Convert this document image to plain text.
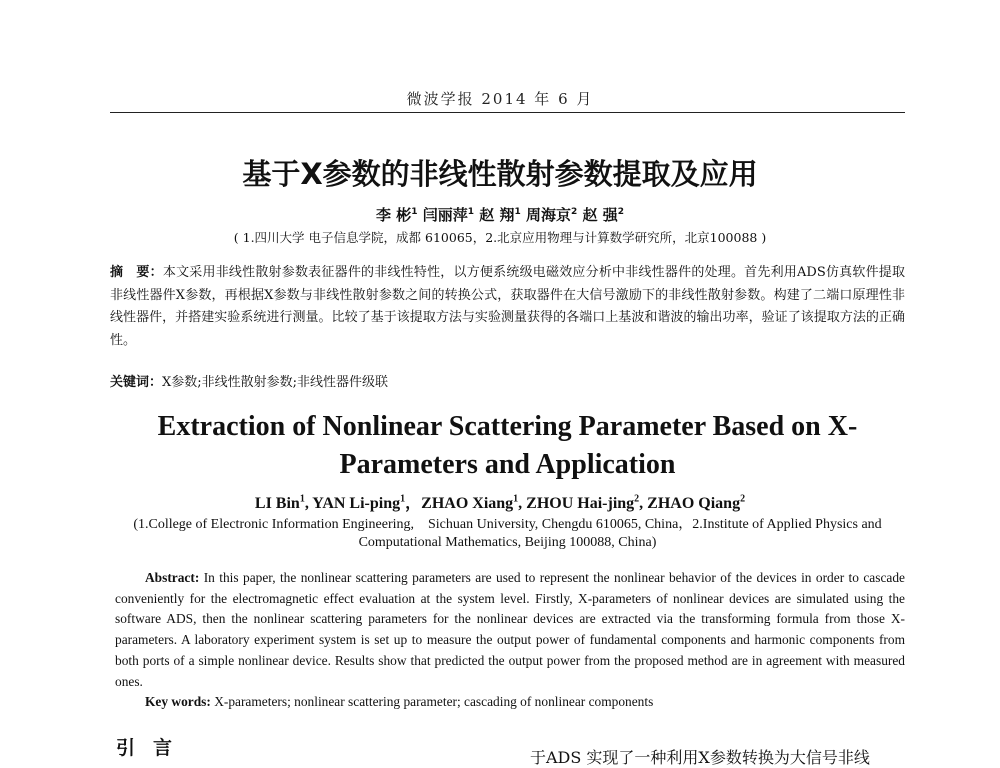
微波学报 2014 年 6 月
基于X参数的非线性散射参数提取及应用
李 彬$^1$ 闫丽萍$^1$ 赵 翔$^1$ 周海京$^2$ 赵 强$^2$
( 1.四川大学 电子信息学院，成都 610065，2.北京应用物理与计算数学研究所，北京100088 )
摘　要：本文采用非线性散射参数表征器件的非线性特性，以方便系统级电磁效应分析中非线性器件的处理。首先利用ADS仿真软件提取非线性器件X参数，再根据X参数与非线性散射参数之间的转换公式，获取器件在大信号激励下的非线性散射参数。构建了二端口原理性非线性器件，并搭建实验系统进行测量。比较了基于该提取方法与实验测量获得的各端口上基波和谐波的输出功率，验证了该提取方法的正确性。
关键词：X参数;非线性散射参数;非线性器件级联
Extraction of Nonlinear Scattering Parameter Based on X-Parameters and Application
LI Bin$^1$, YAN Li-ping$^1$，ZHAO Xiang$^1$, ZHOU Hai-jing$^2$, ZHAO Qiang$^2$
(1.College of Electronic Information Engineering,　Sichuan University, Chengdu 610065, China，2.Institute of Applied Physics and Computational Mathematics, Beijing 100088, China)
Abstract: In this paper, the nonlinear scattering parameters are used to represent the nonlinear behavior of the devices in order to cascade conveniently for the electromagnetic effect evaluation at the system level. Firstly, X-parameters of nonlinear devices are simulated using the software ADS, then the nonlinear scattering parameters for the nonlinear devices are extracted via the transforming formula from those X-parameters. A laboratory experiment system is set up to measure the output power of fundamental components and harmonic components from both ports of a simple nonlinear device. Results show that predicted the output power from the proposed method are in agreement with measured ones.
Key words: X-parameters; nonlinear scattering parameter; cascading of nonlinear components
引言	于ADS 实现了一种利用X参数转换为大信号非线
